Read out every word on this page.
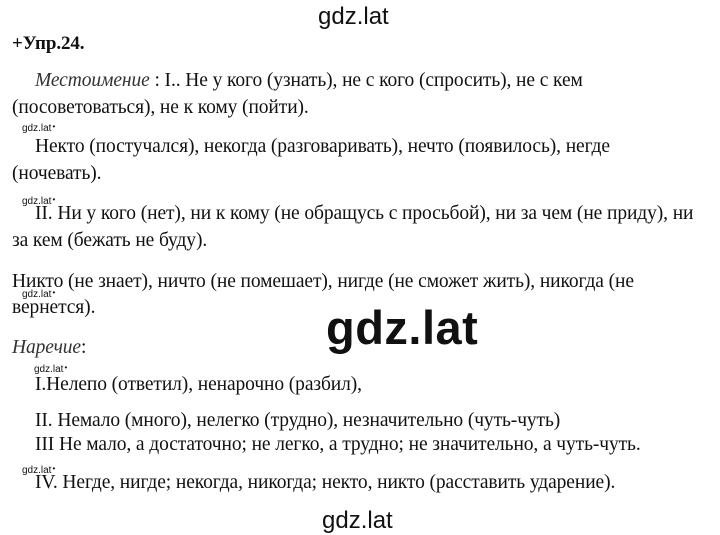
gdz.lat
+Упр.24.
Местоимение : I.. Не у кого (узнать), не с кого (спросить), не с кем
(посоветоваться), не к кому (пойти).
gdz.lat •
Некто (постучался), некогда (разговаривать), нечто (появилось), негде
(ночевать).
gdz.lat •
II. Ни у кого (нет), ни к кому (не обращусь с просьбой), ни за чем (не приду), ни
за кем (бежать не буду).
Никто (не знает), ничто (не помешает), нигде (не сможет жить), никогда (не
gdz.lat •
вернется).	gdz.lat
Наречие:
gdz.lat •
I.Нелепо (ответил), ненарочно (разбил),
II. Немало (много), нелегко (трудно), незначительно (чуть-чуть)
III Не мало, а достаточно; не легко, а трудно; не значительно, а чуть-чуть.
gdz.lat •
IV. Негде, нигде; некогда, никогда; некто, никто (расставить ударение).
gdz.lat
